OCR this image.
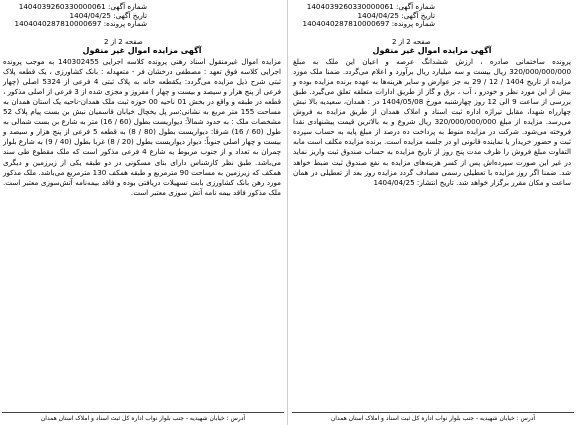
شماره آگهی: 1404039260330000061
تاریخ آگهی: 1404/04/25
شماره پرونده: 1404040287810000697
صفحه 2 از 2
شماره آگهی: 1404039260330000061
تاریخ آگهی: 1404/04/25
شماره پرونده: 1404040287810000697
صفحه 2 از 2
آگهی مزایده اموال غیر منقول

مزایده اموال غیرمنقول اسناد رهنی پرونده کلاسه اجرایی 140302455 به موجب پرونده اجرایی کلاسه فوق تعهد : مصطفی درخشان فر - متعهدله : بانک کشاورزی ، یک قطعه پلاک ثبتی شرح ذیل مزایده می‌گردد: یکقطعه خانه به پلاک ثبتی 4 فرعی از 5324 اصلی (چهار فرعی از پنج هزار و سیصد و بیست و چهار ) مفروز و مجزی شده از 3 فرعی از اصلی مذکور ، قطعه در طبقه و واقع در بخش 01 ناحیه 00 حوزه ثبت ملک همدان-ناحیه یک استان همدان به مساحت 155 متر مربع به نشانی:سر پل یخچال خیابان قاسمیان نبش بن بست پیام پلاک 52 مشخصات ملک : به حدود شمالاً: دیواریست بطول (60 / 16) متر به شارع بن بست شمالی به طول (60 / 16) شرقا: دیواریست بطول (80 / 8) به قطعه 5 فرعی از پنج هزار و سیصد و بیست و چهار اصلی جنوباً: دیوار دیواریست بطول (20 / 8) غربا بطول (40 / 9) به شارع بلوار چمران به تعداد و از جنوب مربوط به شارع 4 فرعی مذکور است که ملک مقطوع طی سند می‌باشد. طبق نظر کارشناس دارای بنای مسکونی در دو طبقه یکی از زیرزمین و دیگری همکف که زیرزمین به مساحت 90 مترمربع و طبقه همکف 130 مترمربع می‌باشد. ملک مذکور مورد رهن بانک کشاورزی بابت تسهیلات دریافتی بوده و فاقد بیمه‌نامه آتش‌سوزی معتبر است. ملک مذکور فاقد بیمه نامه آتش سوزی معتبر است.

آگهی مزایده اموال غیر منقول

پرونده ساختمانی صادره ، ارزش ششدانگ عرصه و اعیان این ملک به مبلغ 320/000/000/000 ریال بیست و سه میلیارد ریال برآورد و اعلام می‌گردد. ضمنا ملک مورد مزایده از تاریخ 1404 / 12 / 29 به جز عوارض و سایر هزینه‌ها به عهده برنده مزایده بوده و بیش از این مورد نظر و خودرو ، آب ، برق و گاز از طریق ادارات متعلقه تعلق می‌گیرد. طبق بررسی از ساعت 9 الی 12 روز چهارشنبه مورخ 1404/05/08 در : همدان، سعیدیه بالا نبش چهارراه شهدا، مقابل تیراژه اداره ثبت اسناد و املاک همدان از طریق مزایده به فروش می‌رسد. مزایده از مبلغ 320/000/000/000 ریال شروع و به بالاترین قیمت پیشنهادی نقدا فروخته می‌شود. شرکت در مزایده منوط به پرداخت ده درصد از مبلغ پایه به حساب سپرده ثبت و حضور خریدار یا نماینده قانونی او در جلسه مزایده است. برنده مزایده مکلف است مابه التفاوت مبلغ فروش را ظرف مدت پنج روز از تاریخ مزایده به حساب صندوق ثبت واریز نماید در غیر این صورت سپرده‌اش پس از کسر هزینه‌های مزایده به نفع صندوق ثبت ضبط خواهد شد. ضمنا اگر روز مزایده با تعطیلی رسمی مصادف گردد مزایده روز بعد از تعطیلی در همان ساعت و مکان مقرر برگزار خواهد شد. تاریخ انتشار: 1404/04/25

آدرس : خیابان شهیدیه - جنب بلوار نواب اداره کل ثبت اسناد و املاک استان همدان	آدرس : خیابان شهیدیه - جنب بلوار نواب اداره کل ثبت اسناد و املاک استان همدان
